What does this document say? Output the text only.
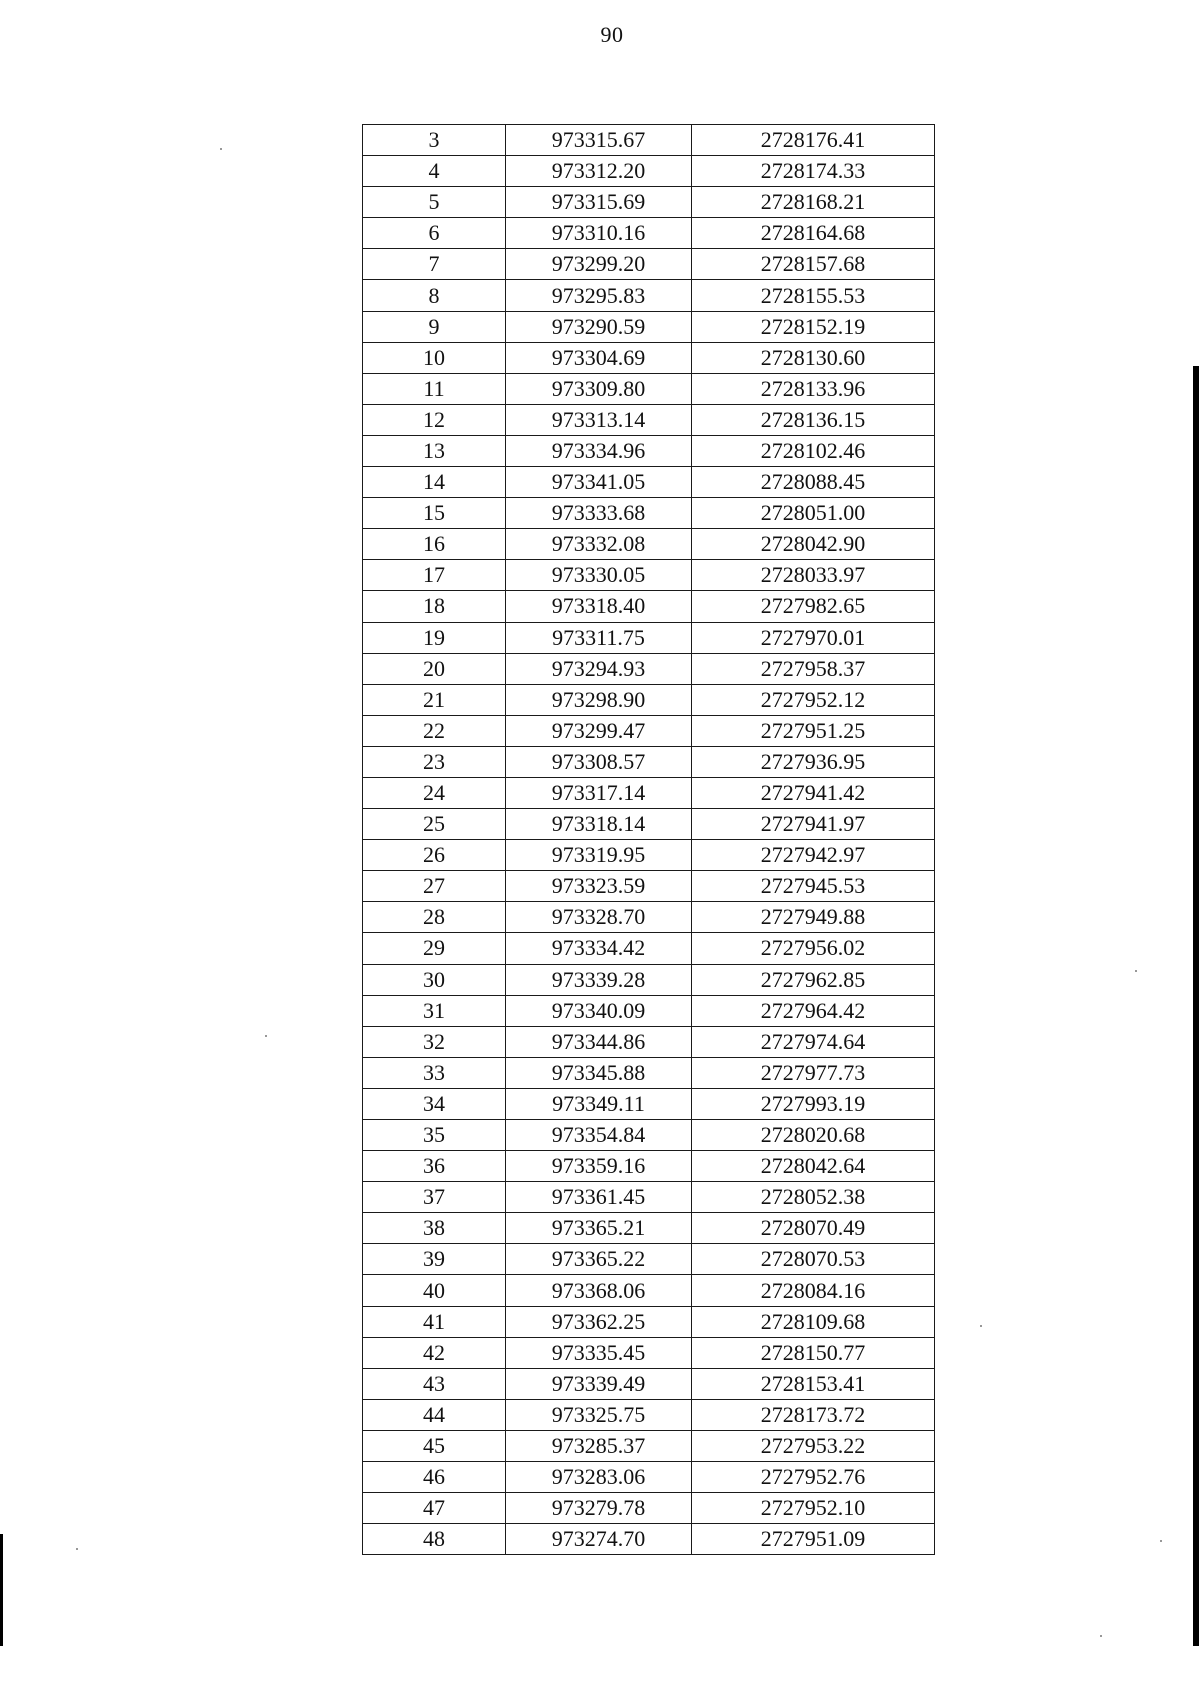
90
3	973315.67	2728176.41
4	973312.20	2728174.33
5	973315.69	2728168.21
6	973310.16	2728164.68
7	973299.20	2728157.68
8	973295.83	2728155.53
9	973290.59	2728152.19
10	973304.69	2728130.60
11	973309.80	2728133.96
12	973313.14	2728136.15
13	973334.96	2728102.46
14	973341.05	2728088.45
15	973333.68	2728051.00
16	973332.08	2728042.90
17	973330.05	2728033.97
18	973318.40	2727982.65
19	973311.75	2727970.01
20	973294.93	2727958.37
21	973298.90	2727952.12
22	973299.47	2727951.25
23	973308.57	2727936.95
24	973317.14	2727941.42
25	973318.14	2727941.97
26	973319.95	2727942.97
27	973323.59	2727945.53
28	973328.70	2727949.88
29	973334.42	2727956.02
30	973339.28	2727962.85
31	973340.09	2727964.42
32	973344.86	2727974.64
33	973345.88	2727977.73
34	973349.11	2727993.19
35	973354.84	2728020.68
36	973359.16	2728042.64
37	973361.45	2728052.38
38	973365.21	2728070.49
39	973365.22	2728070.53
40	973368.06	2728084.16
41	973362.25	2728109.68
42	973335.45	2728150.77
43	973339.49	2728153.41
44	973325.75	2728173.72
45	973285.37	2727953.22
46	973283.06	2727952.76
47	973279.78	2727952.10
48	973274.70	2727951.09
